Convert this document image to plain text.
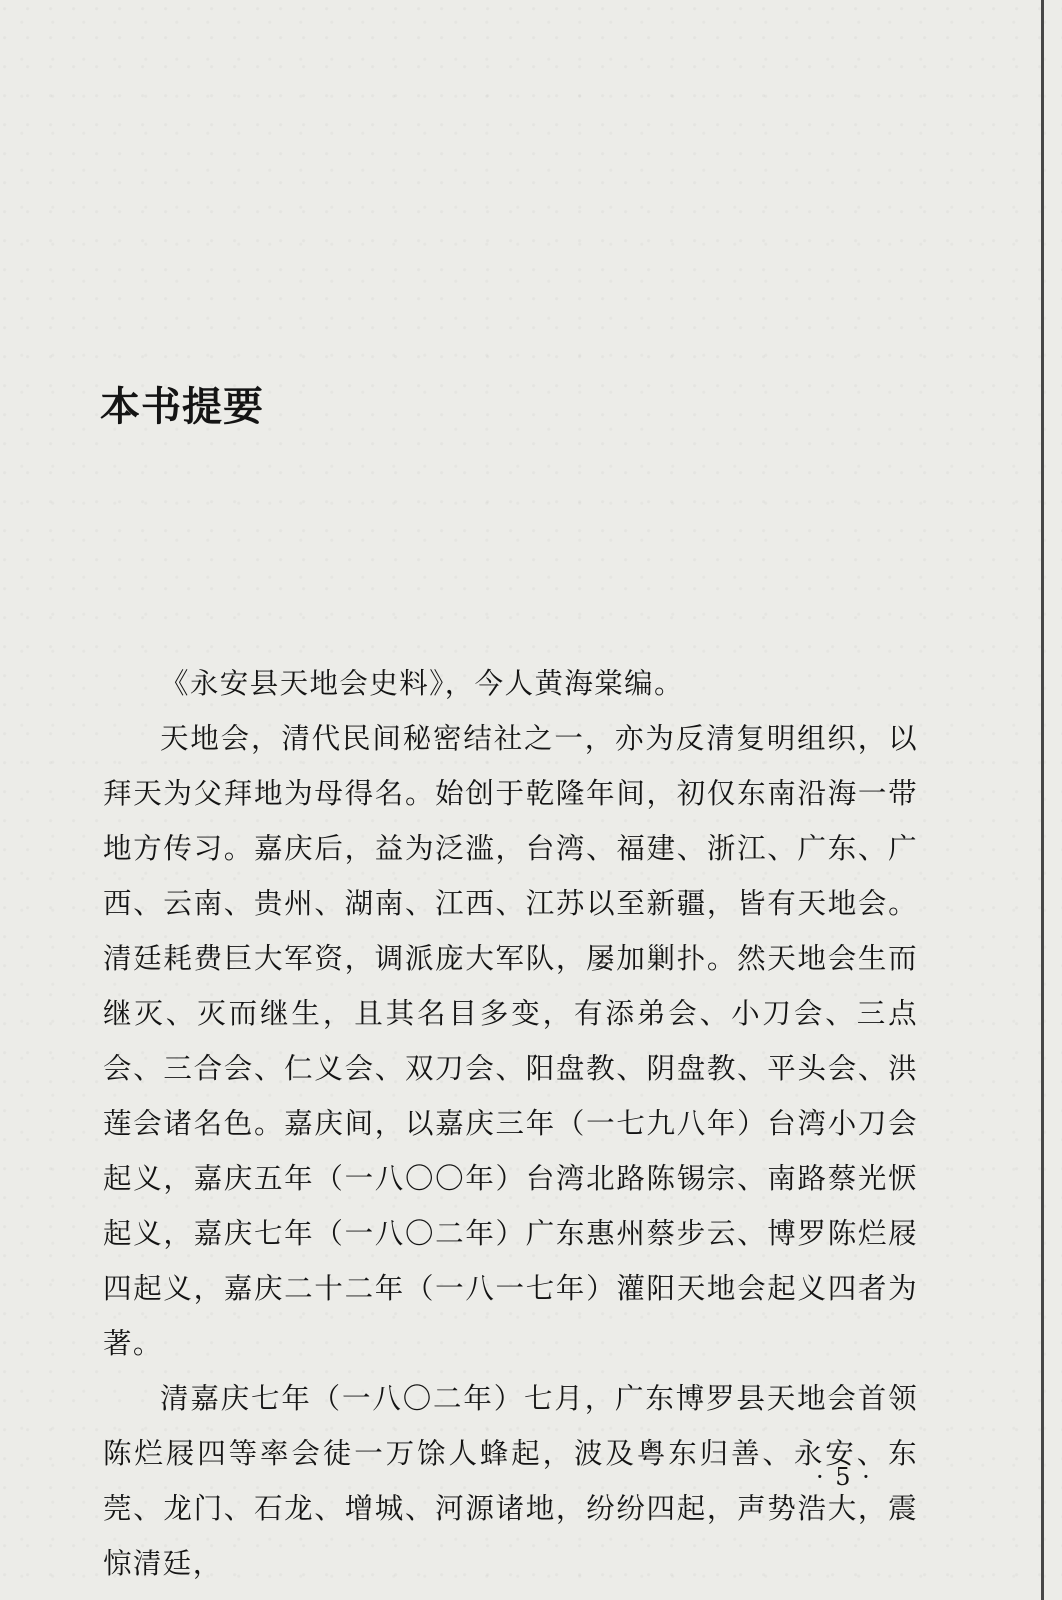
本书提要

《永安县天地会史料》，今人黄海棠编。

天地会，清代民间秘密结社之一，亦为反清复明组织，以拜天为父拜地为母得名。始创于乾隆年间，初仅东南沿海一带地方传习。嘉庆后，益为泛滥，台湾、福建、浙江、广东、广西、云南、贵州、湖南、江西、江苏以至新疆，皆有天地会。清廷耗费巨大军资，调派庞大军队，屡加剿扑。然天地会生而继灭、灭而继生，且其名目多变，有添弟会、小刀会、三点会、三合会、仁义会、双刀会、阳盘教、阴盘教、平头会、洪莲会诸名色。嘉庆间，以嘉庆三年（一七九八年）台湾小刀会起义，嘉庆五年（一八〇〇年）台湾北路陈锡宗、南路蔡光恹起义，嘉庆七年（一八〇二年）广东惠州蔡步云、博罗陈烂屐四起义，嘉庆二十二年（一八一七年）灌阳天地会起义四者为著。

清嘉庆七年（一八〇二年）七月，广东博罗县天地会首领陈烂屐四等率会徒一万馀人蜂起，波及粤东归善、永安、东莞、龙门、石龙、增城、河源诸地，纷纷四起，声势浩大，震惊清廷，

· 5 ·
